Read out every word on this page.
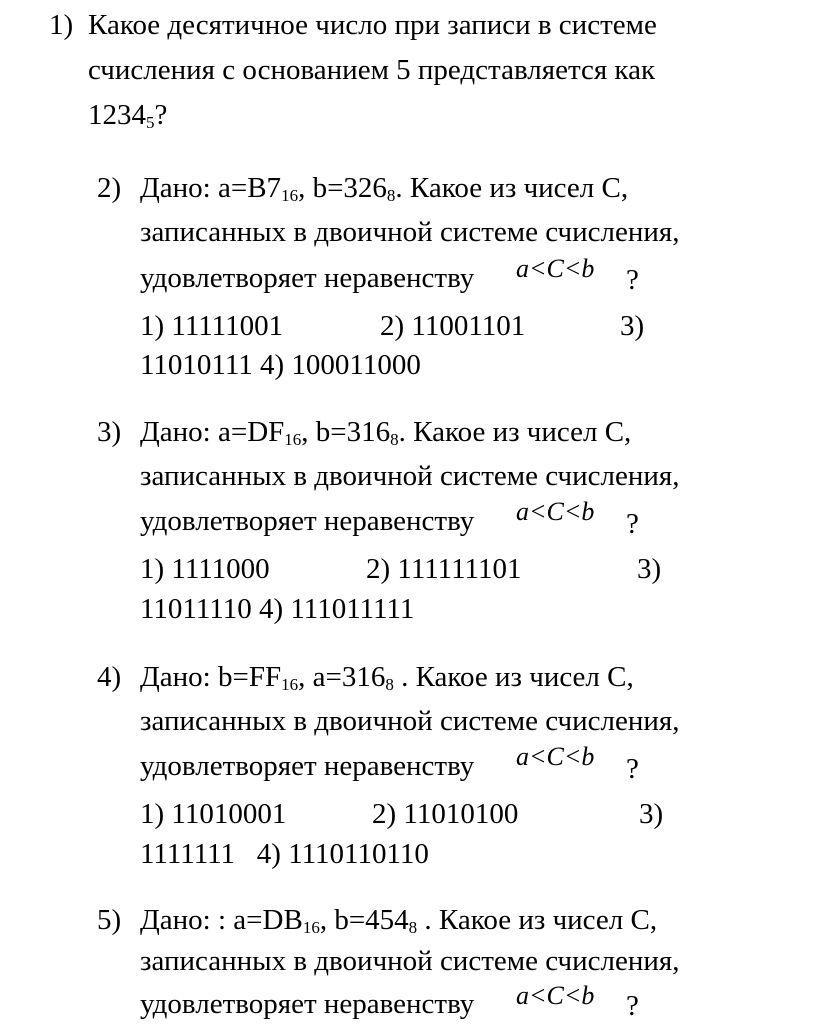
1) Какое десятичное число при записи в системе
счисления с основанием 5 представляется как
12345?
2) Дано: a=B716, b=3268. Какое из чисел C,
записанных в двоичной системе счисления,
удовлетворяет неравенству a<C<b ?
1) 11111001	2) 11001101	3)
11010111 4) 100011000
3) Дано: a=DF16, b=3168. Какое из чисел C,
записанных в двоичной системе счисления,
удовлетворяет неравенству a<C<b ?
1) 1111000	2) 111111101	3)
11011110 4) 111011111
4) Дано: b=FF16, a=3168 . Какое из чисел C,
записанных в двоичной системе счисления,
удовлетворяет неравенству a<C<b ?
1) 11010001	2) 11010100	3)
1111111   4) 1110110110
5) Дано: : a=DB16, b=4548 . Какое из чисел C,
записанных в двоичной системе счисления,
удовлетворяет неравенству a<C<b ?
